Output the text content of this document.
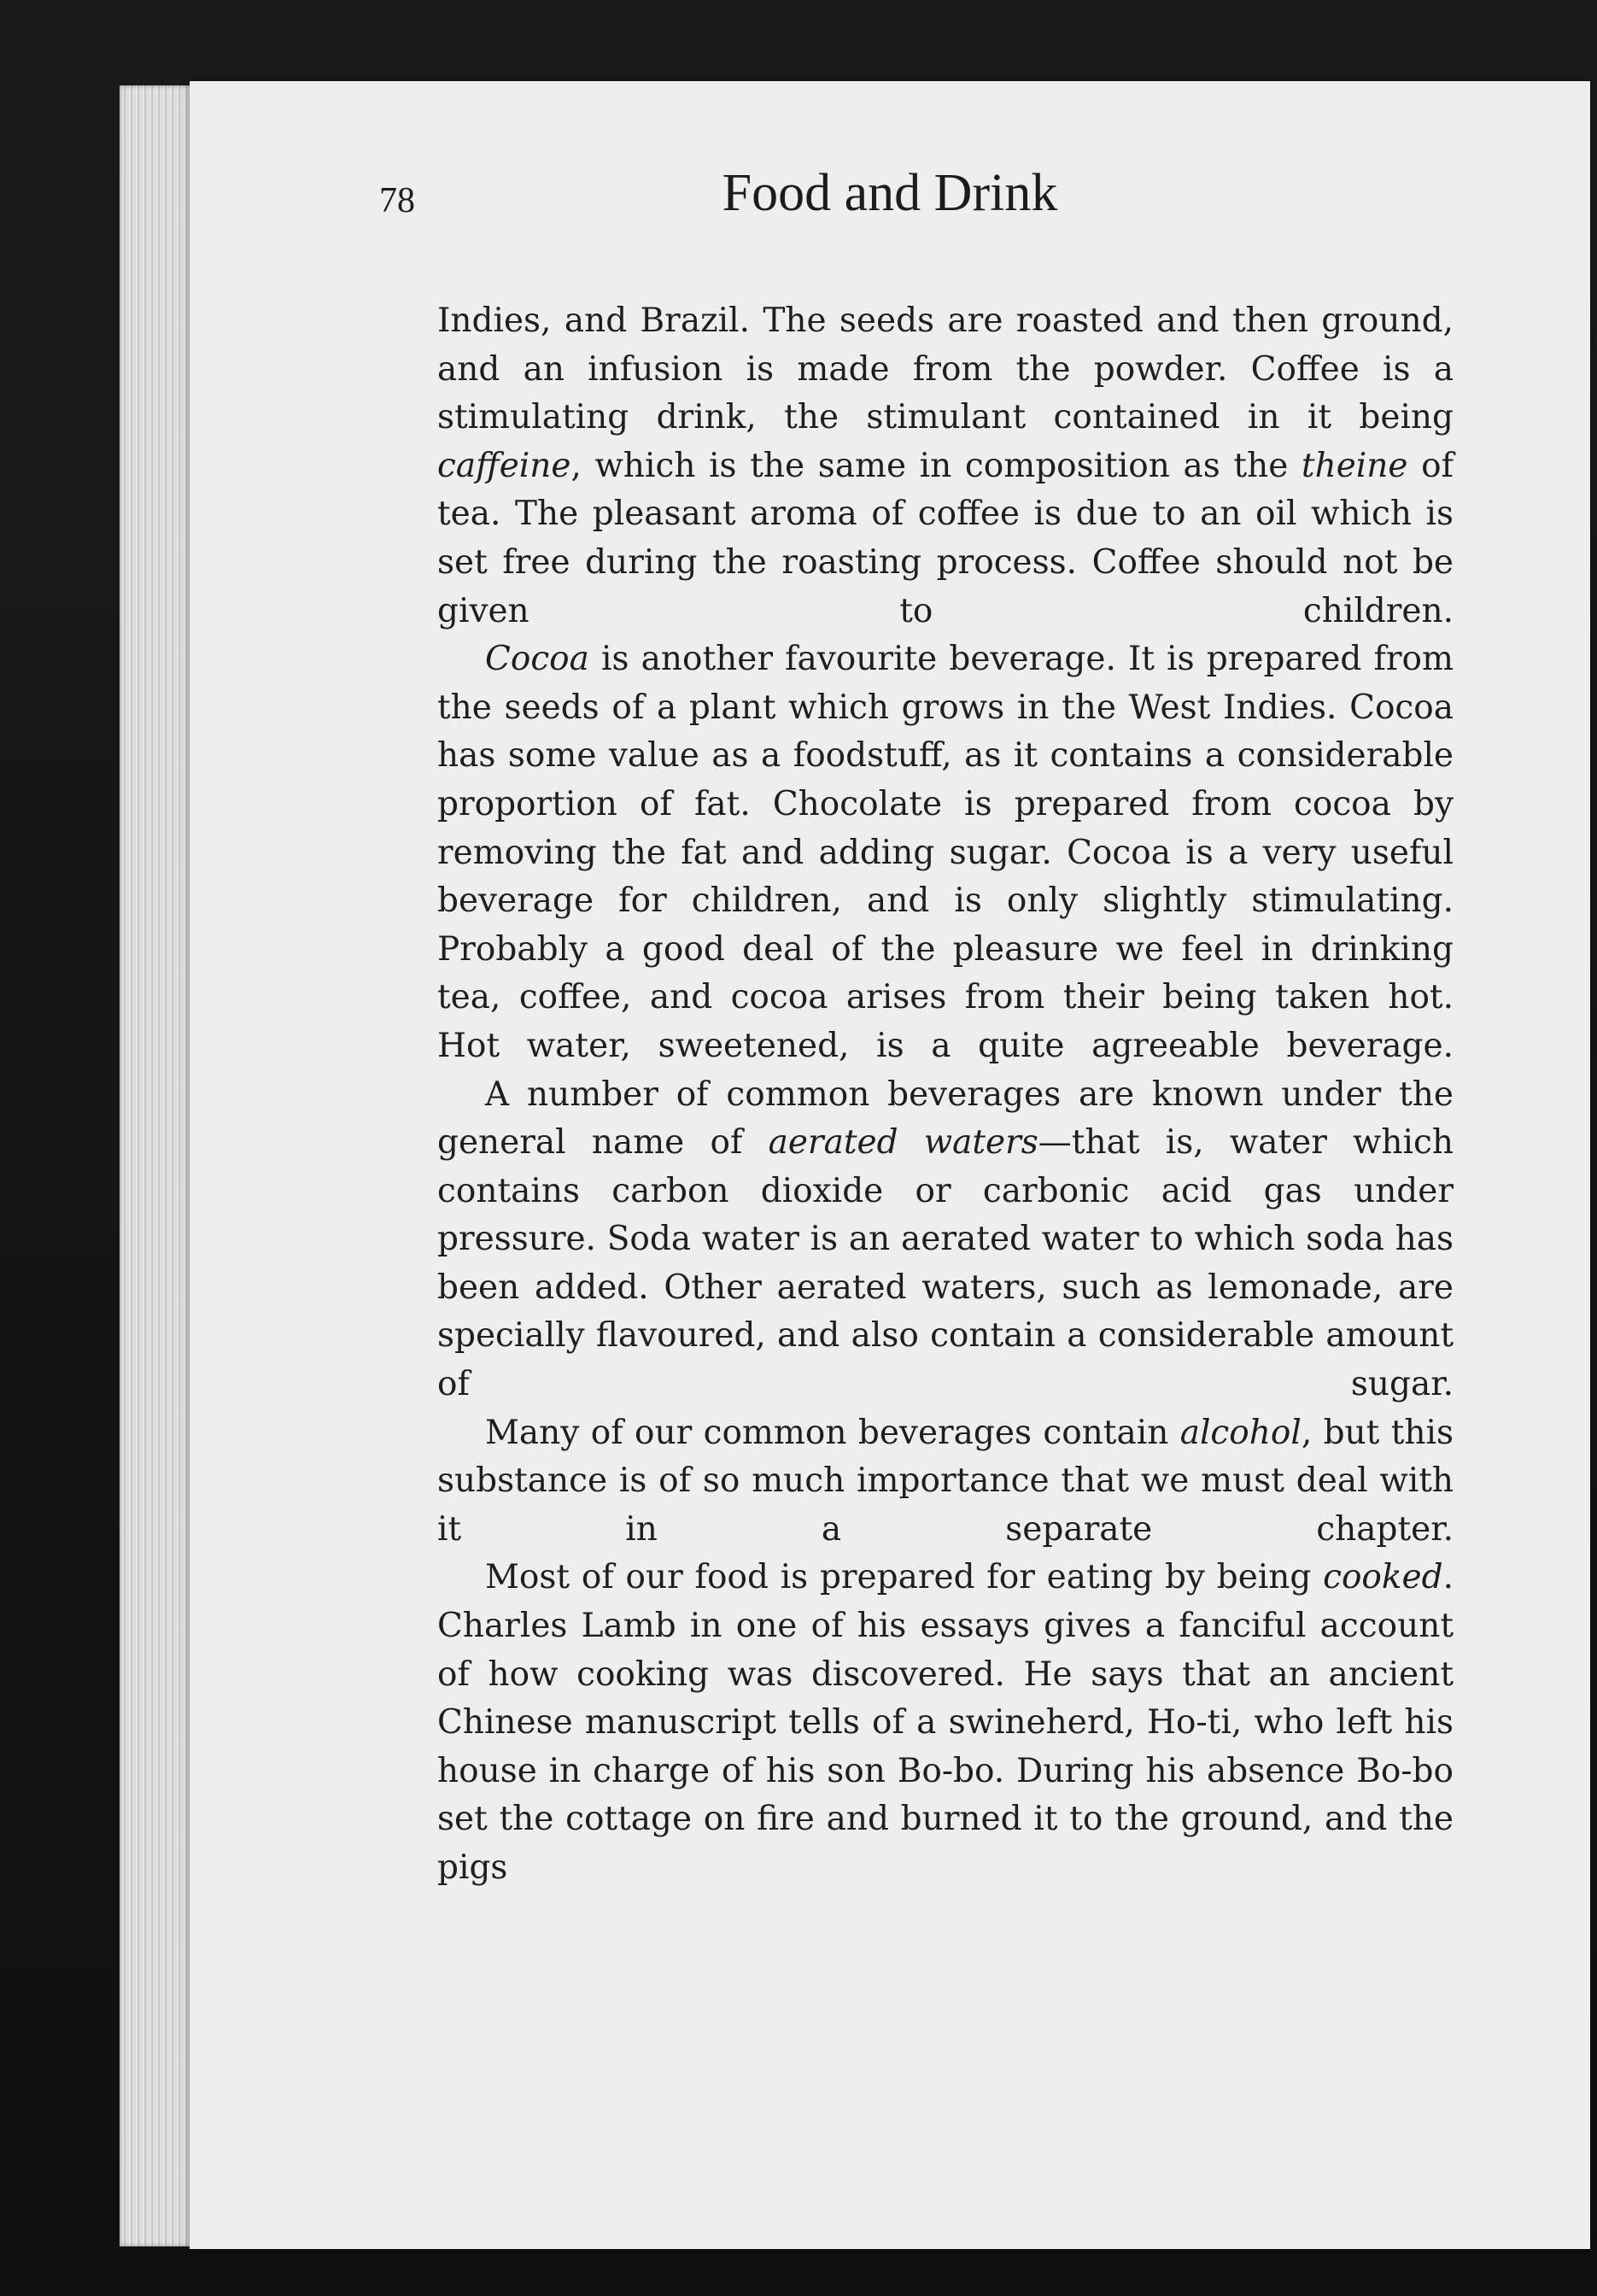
78	Food and Drink

Indies, and Brazil. The seeds are roasted and then ground, and an infusion is made from the powder. Coffee is a stimulating drink, the stimulant contained in it being caffeine, which is the same in composition as the theine of tea. The pleasant aroma of coffee is due to an oil which is set free during the roasting process. Coffee should not be given to children.

Cocoa is another favourite beverage. It is prepared from the seeds of a plant which grows in the West Indies. Cocoa has some value as a foodstuff, as it contains a considerable proportion of fat. Chocolate is prepared from cocoa by removing the fat and adding sugar. Cocoa is a very useful beverage for children, and is only slightly stimulating. Probably a good deal of the pleasure we feel in drinking tea, coffee, and cocoa arises from their being taken hot. Hot water, sweetened, is a quite agreeable beverage.

A number of common beverages are known under the general name of aerated waters—that is, water which contains carbon dioxide or carbonic acid gas under pressure. Soda water is an aerated water to which soda has been added. Other aerated waters, such as lemonade, are specially flavoured, and also contain a considerable amount of sugar.

Many of our common beverages contain alcohol, but this substance is of so much importance that we must deal with it in a separate chapter.

Most of our food is prepared for eating by being cooked. Charles Lamb in one of his essays gives a fanciful account of how cooking was discovered. He says that an ancient Chinese manuscript tells of a swineherd, Ho-ti, who left his house in charge of his son Bo-bo. During his absence Bo-bo set the cottage on fire and burned it to the ground, and the pigs
